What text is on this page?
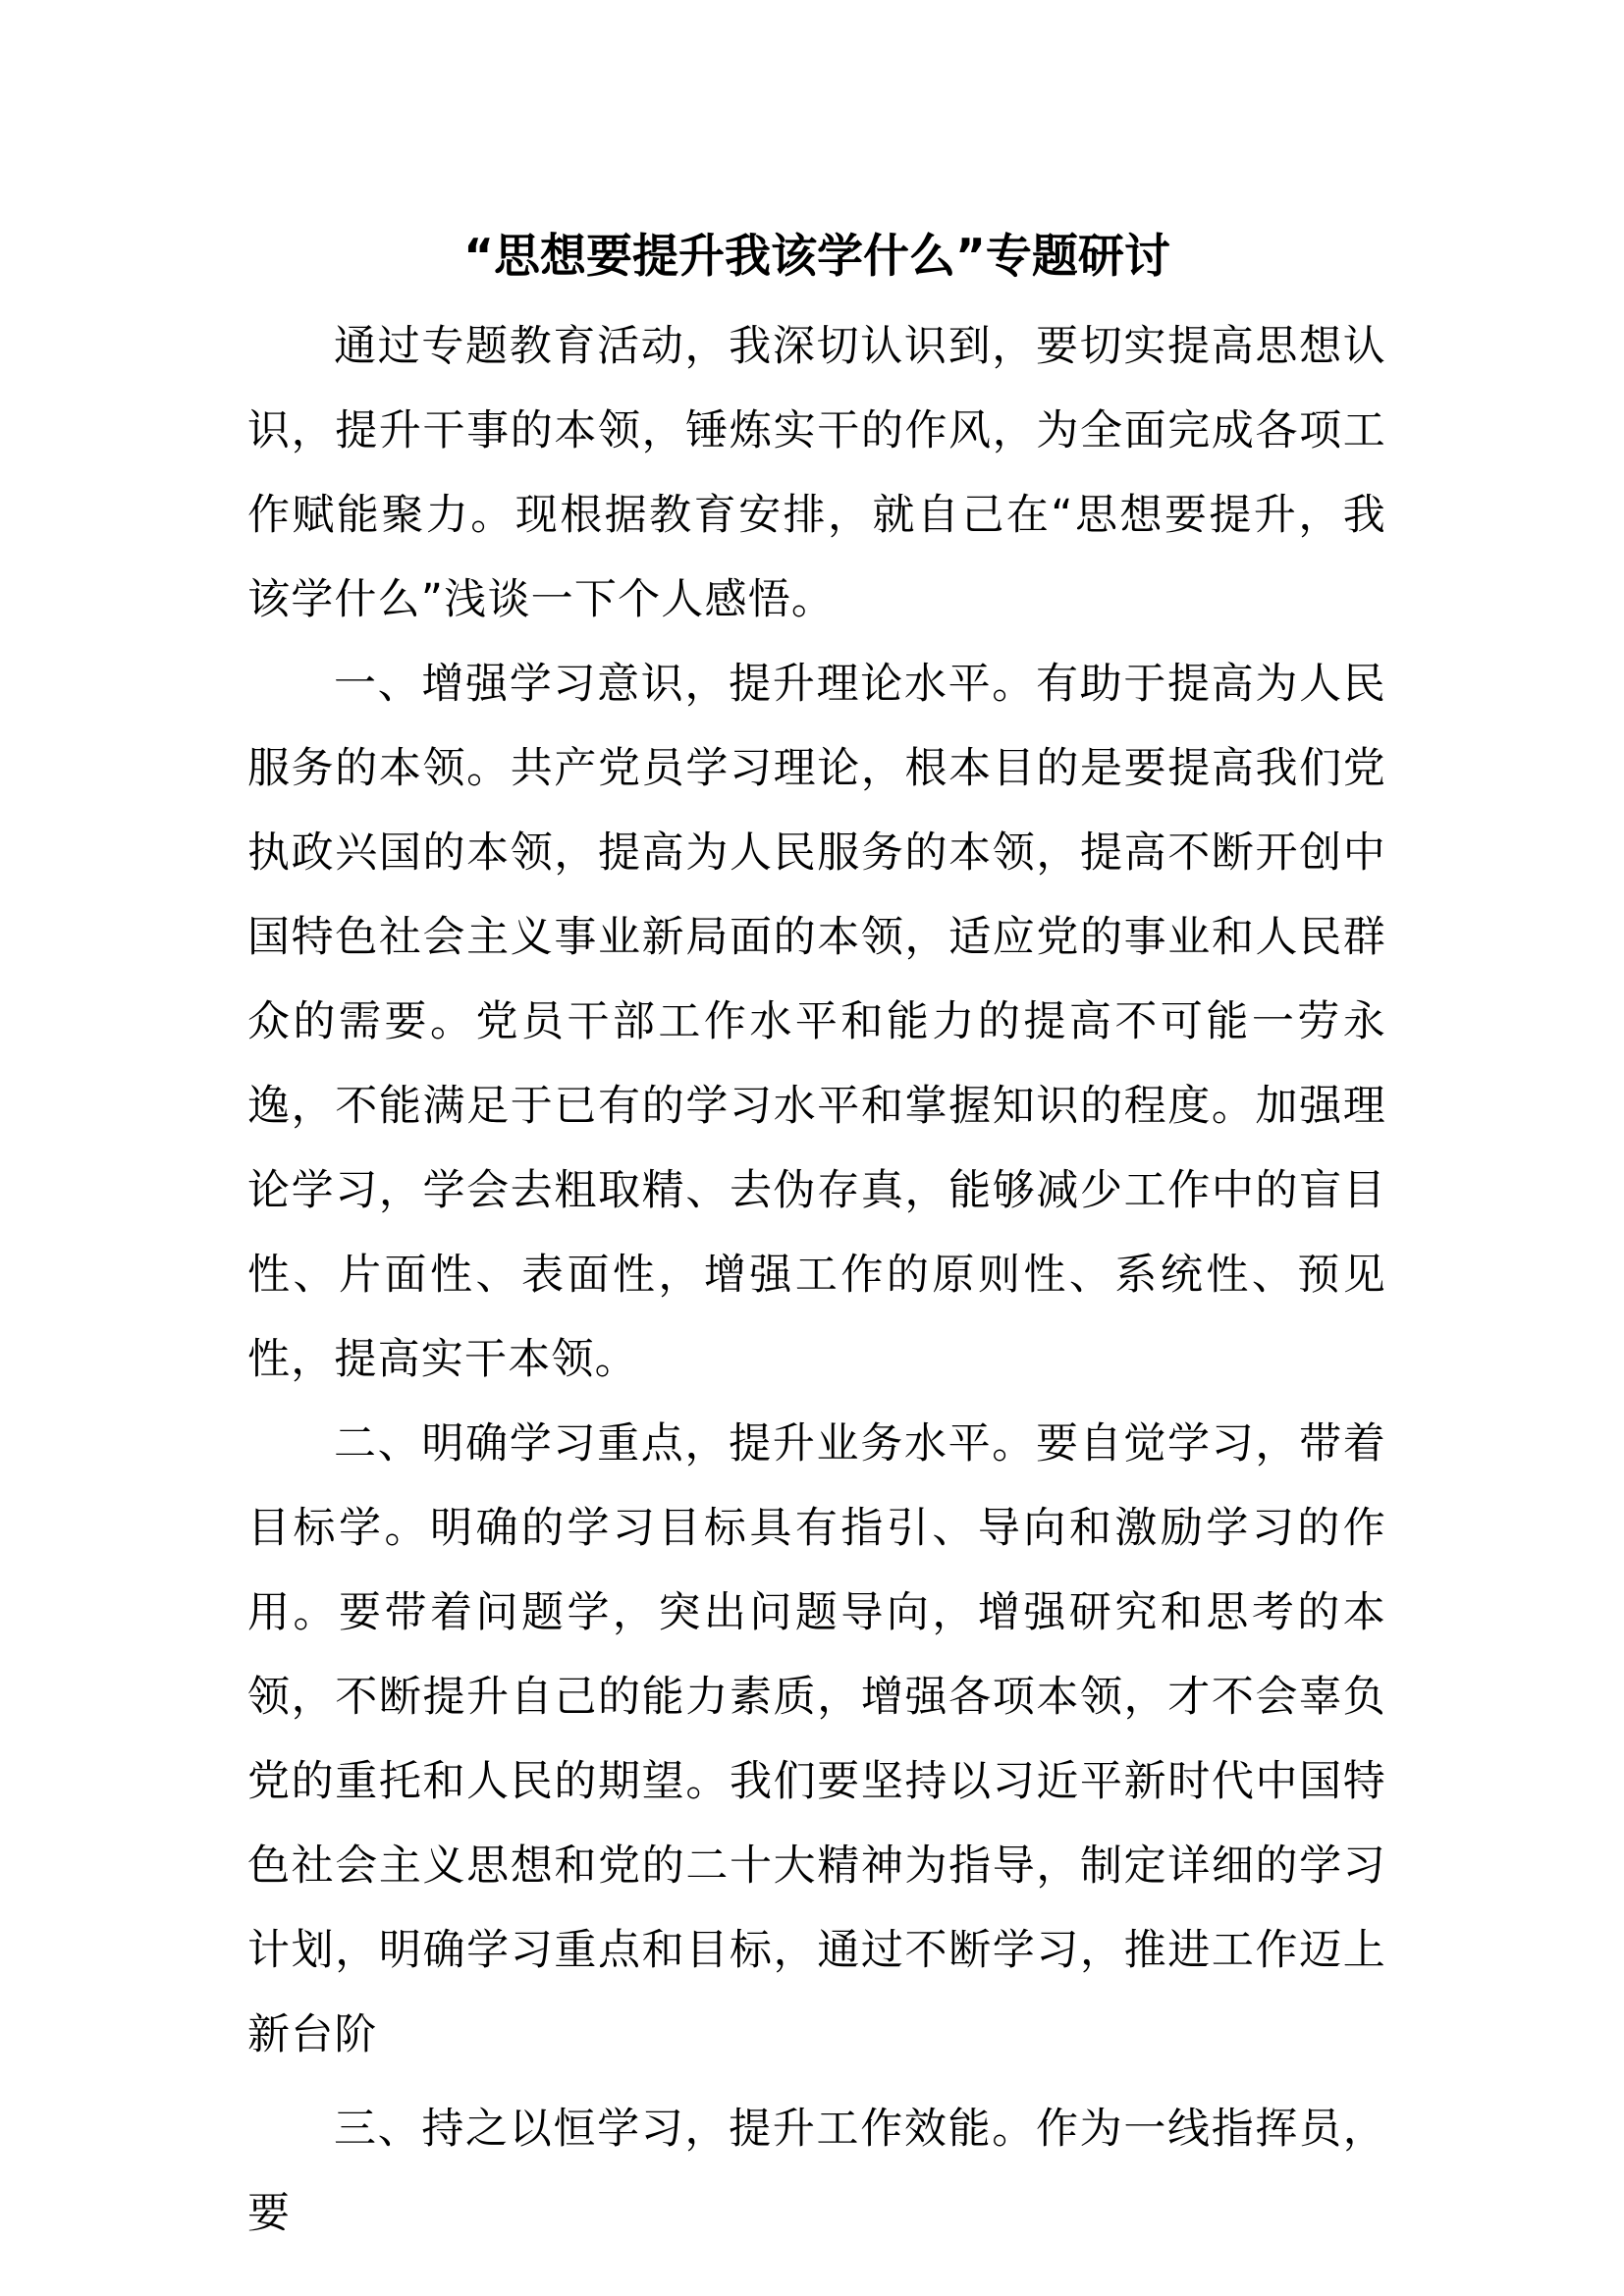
“思想要提升我该学什么”专题研讨

通过专题教育活动，我深切认识到，要切实提高思想认识，提升干事的本领，锤炼实干的作风，为全面完成各项工作赋能聚力。现根据教育安排，就自己在“思想要提升，我该学什么”浅谈一下个人感悟。

一、增强学习意识，提升理论水平。有助于提高为人民服务的本领。共产党员学习理论，根本目的是要提高我们党执政兴国的本领，提高为人民服务的本领，提高不断开创中国特色社会主义事业新局面的本领，适应党的事业和人民群众的需要。党员干部工作水平和能力的提高不可能一劳永逸，不能满足于已有的学习水平和掌握知识的程度。加强理论学习，学会去粗取精、去伪存真，能够减少工作中的盲目性、片面性、表面性，增强工作的原则性、系统性、预见性，提高实干本领。

二、明确学习重点，提升业务水平。要自觉学习，带着目标学。明确的学习目标具有指引、导向和激励学习的作用。要带着问题学，突出问题导向，增强研究和思考的本领，不断提升自己的能力素质，增强各项本领，才不会辜负党的重托和人民的期望。我们要坚持以习近平新时代中国特色社会主义思想和党的二十大精神为指导，制定详细的学习计划，明确学习重点和目标，通过不断学习，推进工作迈上新台阶

三、持之以恒学习，提升工作效能。作为一线指挥员，要
